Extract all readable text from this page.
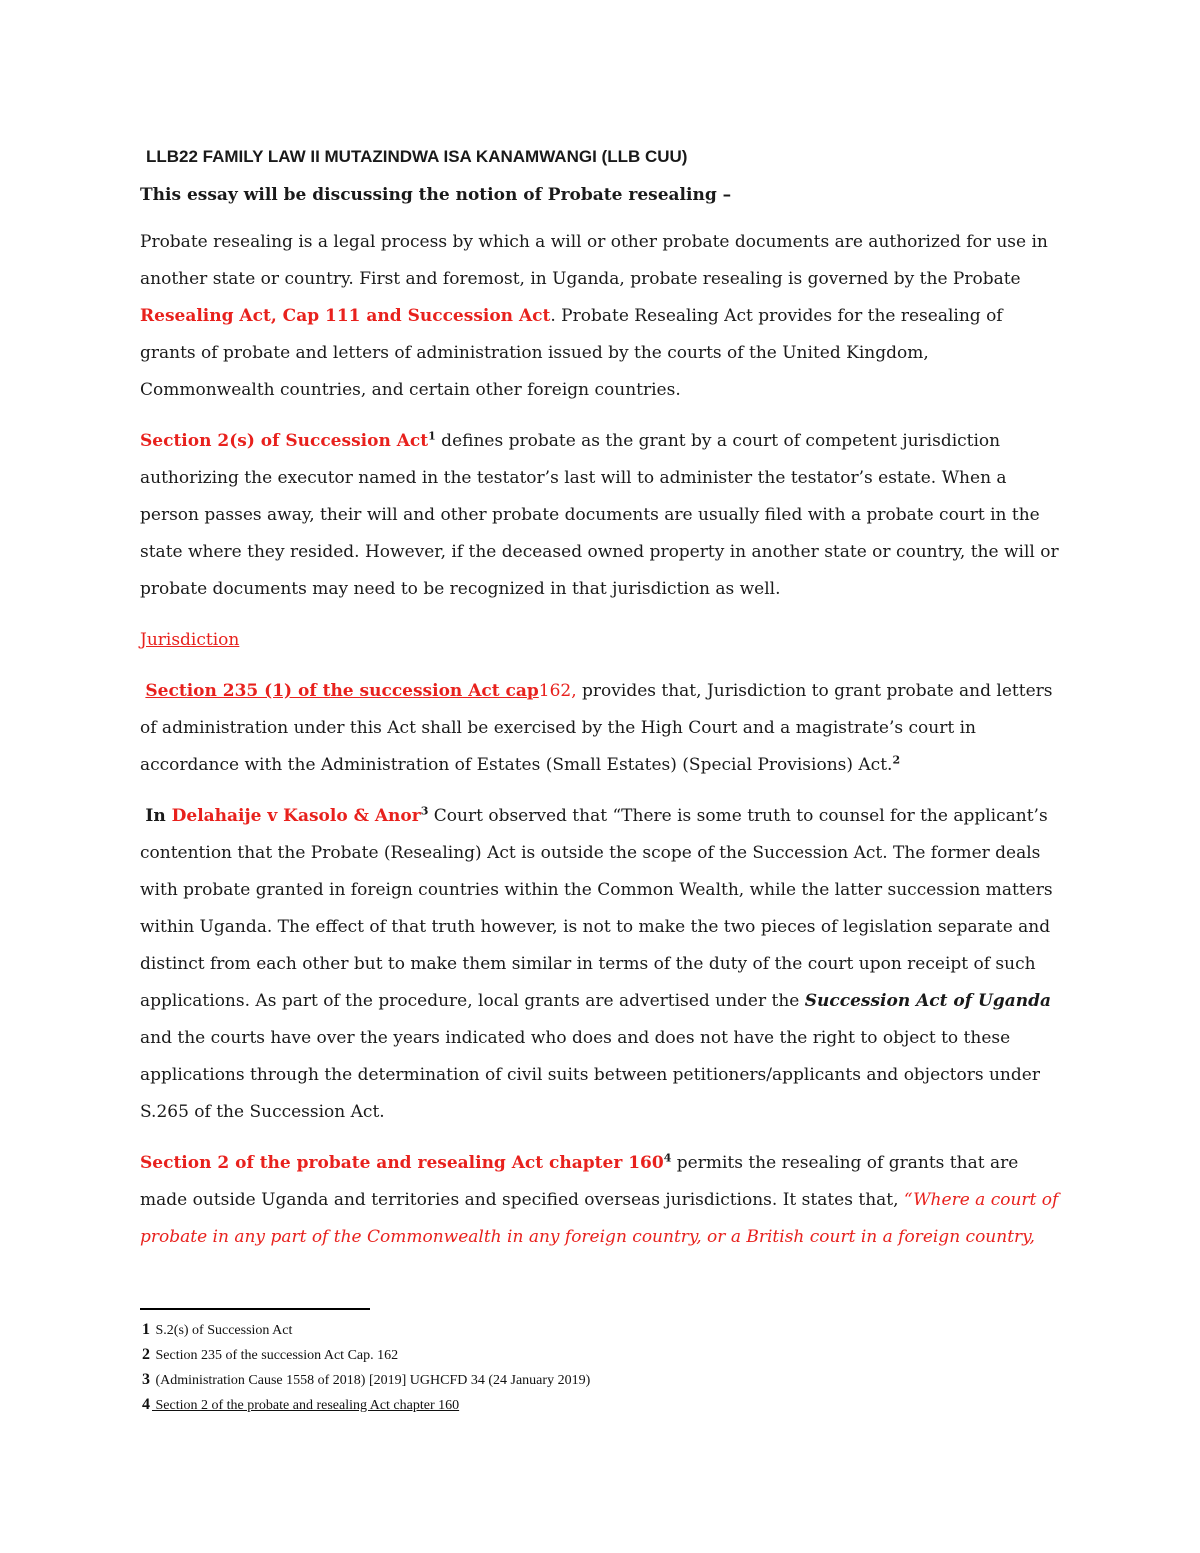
LLB22 FAMILY LAW II MUTAZINDWA ISA KANAMWANGI (LLB CUU)
This essay will be discussing the notion of Probate resealing –

Probate resealing is a legal process by which a will or other probate documents are authorized for use in another state or country. First and foremost, in Uganda, probate resealing is governed by the Probate Resealing Act, Cap 111 and Succession Act. Probate Resealing Act provides for the resealing of grants of probate and letters of administration issued by the courts of the United Kingdom, Commonwealth countries, and certain other foreign countries.

Section 2(s) of Succession Act$^1$ defines probate as the grant by a court of competent jurisdiction authorizing the executor named in the testator’s last will to administer the testator’s estate. When a person passes away, their will and other probate documents are usually filed with a probate court in the state where they resided. However, if the deceased owned property in another state or country, the will or probate documents may need to be recognized in that jurisdiction as well.

Jurisdiction

Section 235 (1) of the succession Act cap162, provides that, Jurisdiction to grant probate and letters of administration under this Act shall be exercised by the High Court and a magistrate’s court in accordance with the Administration of Estates (Small Estates) (Special Provisions) Act.$^2$

In Delahaije v Kasolo & Anor$^3$ Court observed that “There is some truth to counsel for the applicant’s contention that the Probate (Resealing) Act is outside the scope of the Succession Act. The former deals with probate granted in foreign countries within the Common Wealth, while the latter succession matters within Uganda. The effect of that truth however, is not to make the two pieces of legislation separate and distinct from each other but to make them similar in terms of the duty of the court upon receipt of such applications. As part of the procedure, local grants are advertised under the Succession Act of Uganda and the courts have over the years indicated who does and does not have the right to object to these applications through the determination of civil suits between petitioners/applicants and objectors under S.265 of the Succession Act.

Section 2 of the probate and resealing Act chapter $160^4$ permits the resealing of grants that are made outside Uganda and territories and specified overseas jurisdictions. It states that, “Where a court of probate in any part of the Commonwealth in any foreign country, or a British court in a foreign country,

1 S.2(s) of Succession Act
2 Section 235 of the succession Act Cap. 162
3 (Administration Cause 1558 of 2018) [2019] UGHCFD 34 (24 January 2019)
4 Section 2 of the probate and resealing Act chapter 160
